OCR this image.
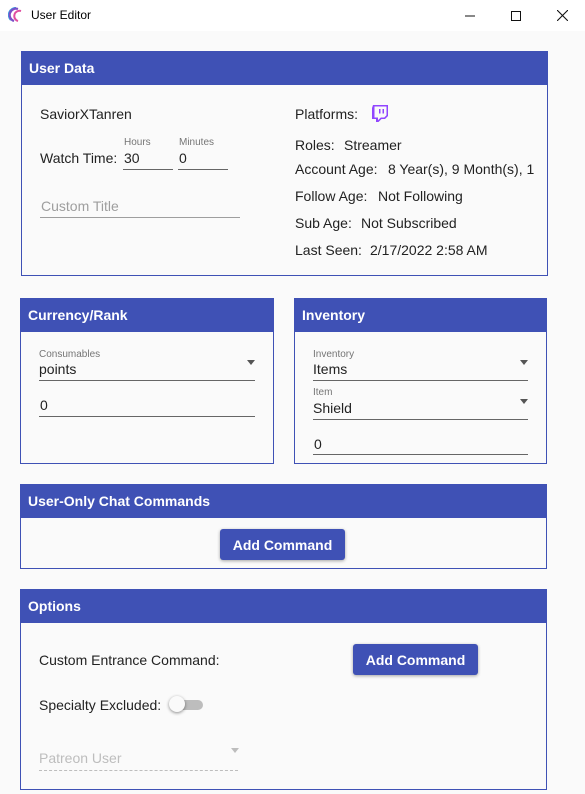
User Editor
User Data
SaviorXTanren
Watch Time:
Hours
30
Minutes
0
Custom Title
Platforms:
Roles: Streamer
Account Age: 8 Year(s), 9 Month(s), 1
Follow Age: Not Following
Sub Age: Not Subscribed
Last Seen: 2/17/2022 2:58 AM
Currency/Rank
Consumables
points
0
Inventory
Inventory
Items
Item
Shield
0
User-Only Chat Commands
Add Command
Options
Custom Entrance Command:	Add Command
Specialty Excluded:
Patreon User
